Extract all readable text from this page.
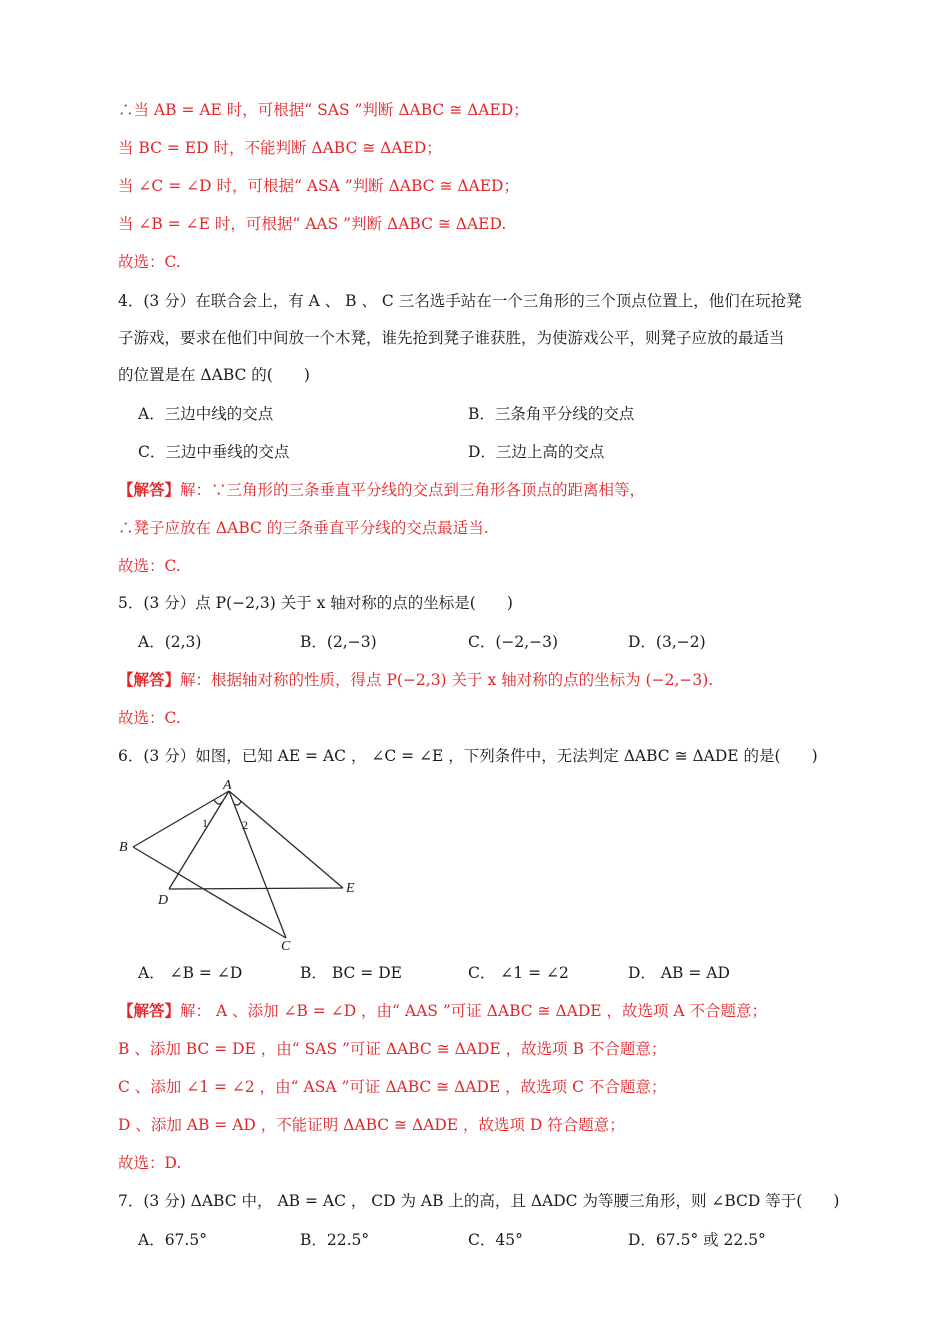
∴当 AB = AE 时，可根据“ SAS ”判断 ΔABC ≅ ΔAED；
当 BC = ED 时，不能判断 ΔABC ≅ ΔAED；
当 ∠C = ∠D 时，可根据“ ASA ”判断 ΔABC ≅ ΔAED；
当 ∠B = ∠E 时，可根据“ AAS ”判断 ΔABC ≅ ΔAED.
故选：C.
4．(3 分）在联合会上，有 A 、 B 、 C 三名选手站在一个三角形的三个顶点位置上，他们在玩抢凳
子游戏，要求在他们中间放一个木凳，谁先抢到凳子谁获胜，为使游戏公平，则凳子应放的最适当
的位置是在 ΔABC 的(　　)
A．三边中线的交点	B．三条角平分线的交点
C．三边中垂线的交点	D．三边上高的交点
【解答】解：∵三角形的三条垂直平分线的交点到三角形各顶点的距离相等，
∴凳子应放在 ΔABC 的三条垂直平分线的交点最适当.
故选：C.
5．(3 分）点 P(−2,3) 关于 x 轴对称的点的坐标是(　　)
A．(2,3)	B．(2,−3)	C．(−2,−3)	D．(3,−2)
【解答】解：根据轴对称的性质，得点 P(−2,3) 关于 x 轴对称的点的坐标为 (−2,−3).
故选：C.
6．(3 分）如图，已知 AE = AC ， ∠C = ∠E ，下列条件中，无法判定 ΔABC ≅ ΔADE 的是(　　)
A
B
D
E
C
1	2
A． ∠B = ∠D	B． BC = DE	C． ∠1 = ∠2	D． AB = AD
【解答】解： A 、添加 ∠B = ∠D ，由“ AAS ”可证 ΔABC ≅ ΔADE ，故选项 A 不合题意；
B 、添加 BC = DE ，由“ SAS ”可证 ΔABC ≅ ΔADE ，故选项 B 不合题意；
C 、添加 ∠1 = ∠2 ，由“ ASA ”可证 ΔABC ≅ ΔADE ，故选项 C 不合题意；
D 、添加 AB = AD ，不能证明 ΔABC ≅ ΔADE ，故选项 D 符合题意；
故选：D.
7．(3 分) ΔABC 中， AB = AC ， CD 为 AB 上的高，且 ΔADC 为等腰三角形，则 ∠BCD 等于(　　)
A．67.5°	B．22.5°	C．45°	D．67.5° 或 22.5°
